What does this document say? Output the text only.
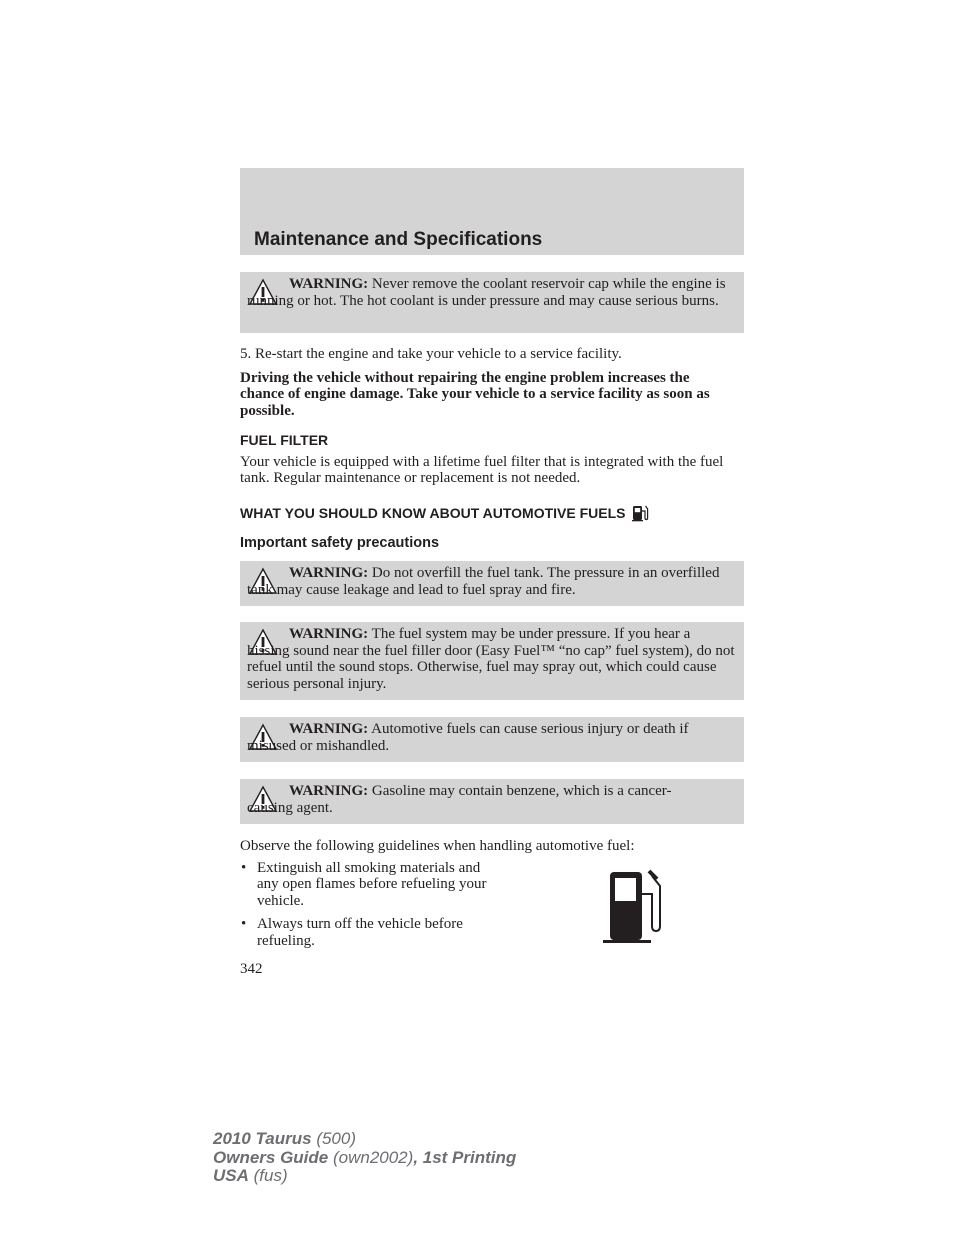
Maintenance and Specifications
WARNING: Never remove the coolant reservoir cap while the engine is running or hot. The hot coolant is under pressure and may cause serious burns.
5. Re-start the engine and take your vehicle to a service facility.
Driving the vehicle without repairing the engine problem increases the chance of engine damage. Take your vehicle to a service facility as soon as possible.
FUEL FILTER
Your vehicle is equipped with a lifetime fuel filter that is integrated with the fuel tank. Regular maintenance or replacement is not needed.
WHAT YOU SHOULD KNOW ABOUT AUTOMOTIVE FUELS
Important safety precautions
WARNING: Do not overfill the fuel tank. The pressure in an overfilled tank may cause leakage and lead to fuel spray and fire.
WARNING: The fuel system may be under pressure. If you hear a hissing sound near the fuel filler door (Easy Fuel™ “no cap” fuel system), do not refuel until the sound stops. Otherwise, fuel may spray out, which could cause serious personal injury.
WARNING: Automotive fuels can cause serious injury or death if misused or mishandled.
WARNING: Gasoline may contain benzene, which is a cancer-causing agent.
Observe the following guidelines when handling automotive fuel:
• Extinguish all smoking materials and any open flames before refueling your vehicle.
• Always turn off the vehicle before refueling.
342
2010 Taurus (500)
Owners Guide (own2002), 1st Printing
USA (fus)
